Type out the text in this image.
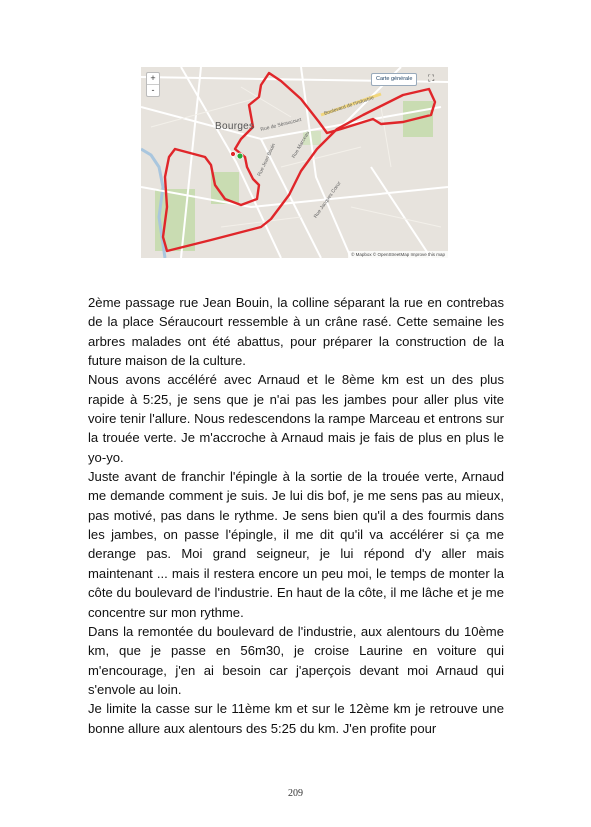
+
-
Carte générale	⛶
Bourges Rue de Séraucourt
Rue Jean Bouin	Rue Marceau
Boulevard de l'Industrie
Rue Jacques Cœur
© Mapbox © OpenStreetMap Improve this map

2ème passage rue Jean Bouin, la colline séparant la rue en contrebas de la place Séraucourt ressemble à un crâne rasé. Cette semaine les arbres malades ont été abattus, pour préparer la construction de la future maison de la culture.

Nous avons accéléré avec Arnaud et le 8ème km est un des plus rapide à 5:25, je sens que je n'ai pas les jambes pour aller plus vite voire tenir l'allure. Nous redescendons la rampe Marceau et entrons sur la trouée verte. Je m'accroche à Arnaud mais je fais de plus en plus le yo-yo.

Juste avant de franchir l'épingle à la sortie de la trouée verte, Arnaud me demande comment je suis. Je lui dis bof, je me sens pas au mieux, pas motivé, pas dans le rythme. Je sens bien qu'il a des fourmis dans les jambes, on passe l'épingle, il me dit qu'il va accélérer si ça me derange pas. Moi grand seigneur, je lui répond d'y aller mais maintenant ... mais il restera encore un peu moi, le temps de monter la côte du boulevard de l'industrie. En haut de la côte, il me lâche et je me concentre sur mon rythme.

Dans la remontée du boulevard de l'industrie, aux alentours du 10ème km, que je passe en 56m30, je croise Laurine en voiture qui m'encourage, j'en ai besoin car j'aperçois devant moi Arnaud qui s'envole au loin.

Je limite la casse sur le 11ème km et sur le 12ème km je retrouve une bonne allure aux alentours des 5:25 du km. J'en profite pour

209
